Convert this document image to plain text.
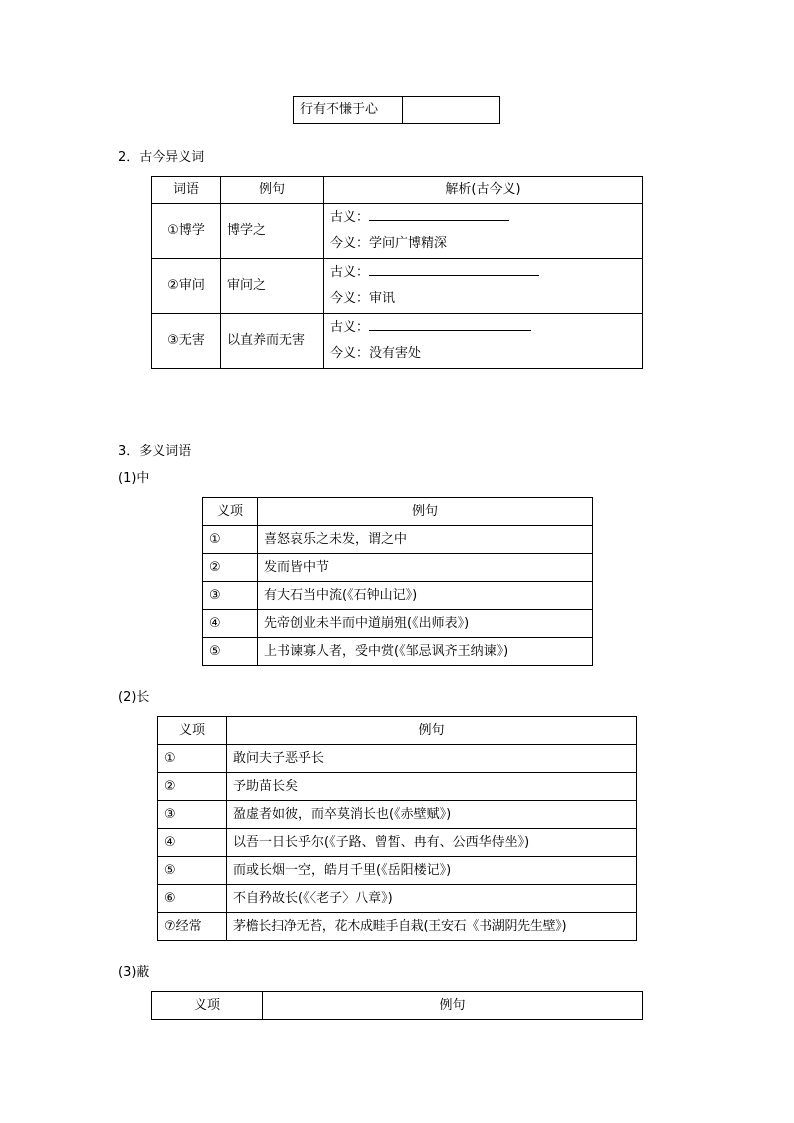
行有不慊于心	
2．古今异义词
词语	例句	解析(古今义)
①博学	博学之	古义：
今义：学问广博精深

②审问	审问之	古义：
今义：审讯

③无害	以直养而无害	古义：
今义：没有害处
3．多义词语
(1)中
义项	例句
①	喜怒哀乐之未发，谓之中
②	发而皆中节
③	有大石当中流(《石钟山记》)
④	先帝创业未半而中道崩殂(《出师表》)
⑤	上书谏寡人者，受中赏(《邹忌讽齐王纳谏》)
(2)长
义项	例句
①	敢问夫子恶乎长
②	予助苗长矣
③	盈虚者如彼，而卒莫消长也(《赤壁赋》)
④	以吾一日长乎尔(《子路、曾皙、冉有、公西华侍坐》)
⑤	而或长烟一空，皓月千里(《岳阳楼记》)
⑥	不自矜故长(《〈老子〉八章》)
⑦经常	茅檐长扫净无苔，花木成畦手自栽(王安石《书湖阴先生壁》)
(3)蔽
义项	例句
